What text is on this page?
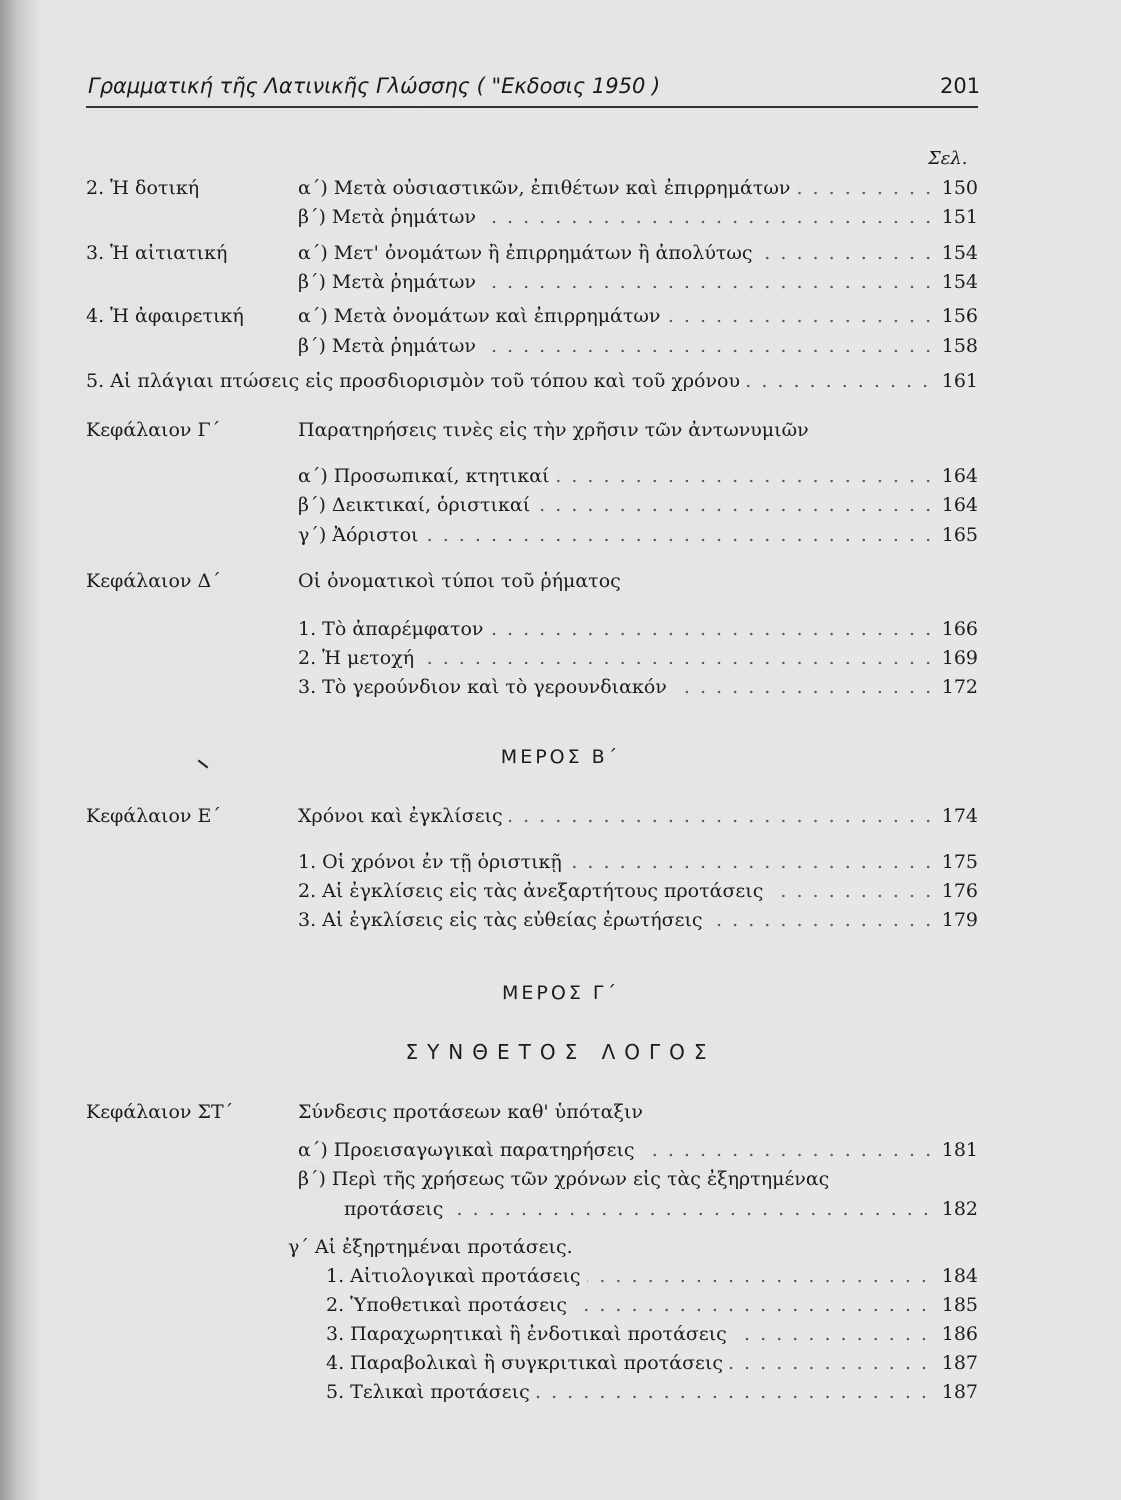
Γραμματική τῆς Λατινικῆς Γλώσσης ( "Εκδοσις 1950 )	201
Σελ.
2. Ἡ δοτική	α΄) Μετὰ οὐσιαστικῶν, ἐπιθέτων καὶ ἐπιρρημάτων . . .	150
β΄) Μετὰ ῥημάτων . . .	151
3. Ἡ αἰτιατική	α΄) Μετ' ὀνομάτων ἢ ἐπιρρημάτων ἢ ἀπολύτως . . .	154
β΄) Μετὰ ῥημάτων . . .	154
4. Ἡ ἀφαιρετική	α΄) Μετὰ ὀνομάτων καὶ ἐπιρρημάτων . . .	156
β΄) Μετὰ ῥημάτων . . .	158
5. Αἱ πλάγιαι πτώσεις εἰς προσδιορισμὸν τοῦ τόπου καὶ τοῦ χρόνου . . .	161
Κεφάλαιον Γ΄	Παρατηρήσεις τινὲς εἰς τὴν χρῆσιν τῶν ἀντωνυμιῶν
α΄) Προσωπικαί, κτητικαί . . .	164
β΄) Δεικτικαί, ὁριστικαί . . .	164
γ΄) Ἀόριστοι . . .	165
Κεφάλαιον Δ΄	Οἱ ὀνοματικοὶ τύποι τοῦ ῥήματος
1. Τὸ ἀπαρέμφατον . . .	166
2. Ἡ μετοχή . . .	169
3. Τὸ γερούνδιον καὶ τὸ γερουνδιακόν . . .	172
ΜΕΡΟΣ Β΄
Κεφάλαιον Ε΄	Χρόνοι καὶ ἐγκλίσεις . . .	174
1. Οἱ χρόνοι ἐν τῇ ὁριστικῇ . . .	175
2. Αἱ ἐγκλίσεις εἰς τὰς ἀνεξαρτήτους προτάσεις . . .	176
3. Αἱ ἐγκλίσεις εἰς τὰς εὐθείας ἐρωτήσεις . . .	179
ΜΕΡΟΣ Γ΄
ΣΥΝΘΕΤΟΣ ΛΟΓΟΣ
Κεφάλαιον ΣΤ΄	Σύνδεσις προτάσεων καθ' ὑπόταξιν
α΄) Προεισαγωγικαὶ παρατηρήσεις . . .	181
β΄) Περὶ τῆς χρήσεως τῶν χρόνων εἰς τὰς ἐξηρτημένας
προτάσεις . . .	182
γ΄ Αἱ ἐξηρτημέναι προτάσεις.
1. Αἰτιολογικαὶ προτάσεις . . .	184
2. Ὑποθετικαὶ προτάσεις . . .	185
3. Παραχωρητικαὶ ἢ ἐνδοτικαὶ προτάσεις . . .	186
4. Παραβολικαὶ ἢ συγκριτικαὶ προτάσεις . . .	187
5. Τελικαὶ προτάσεις . . .	187
